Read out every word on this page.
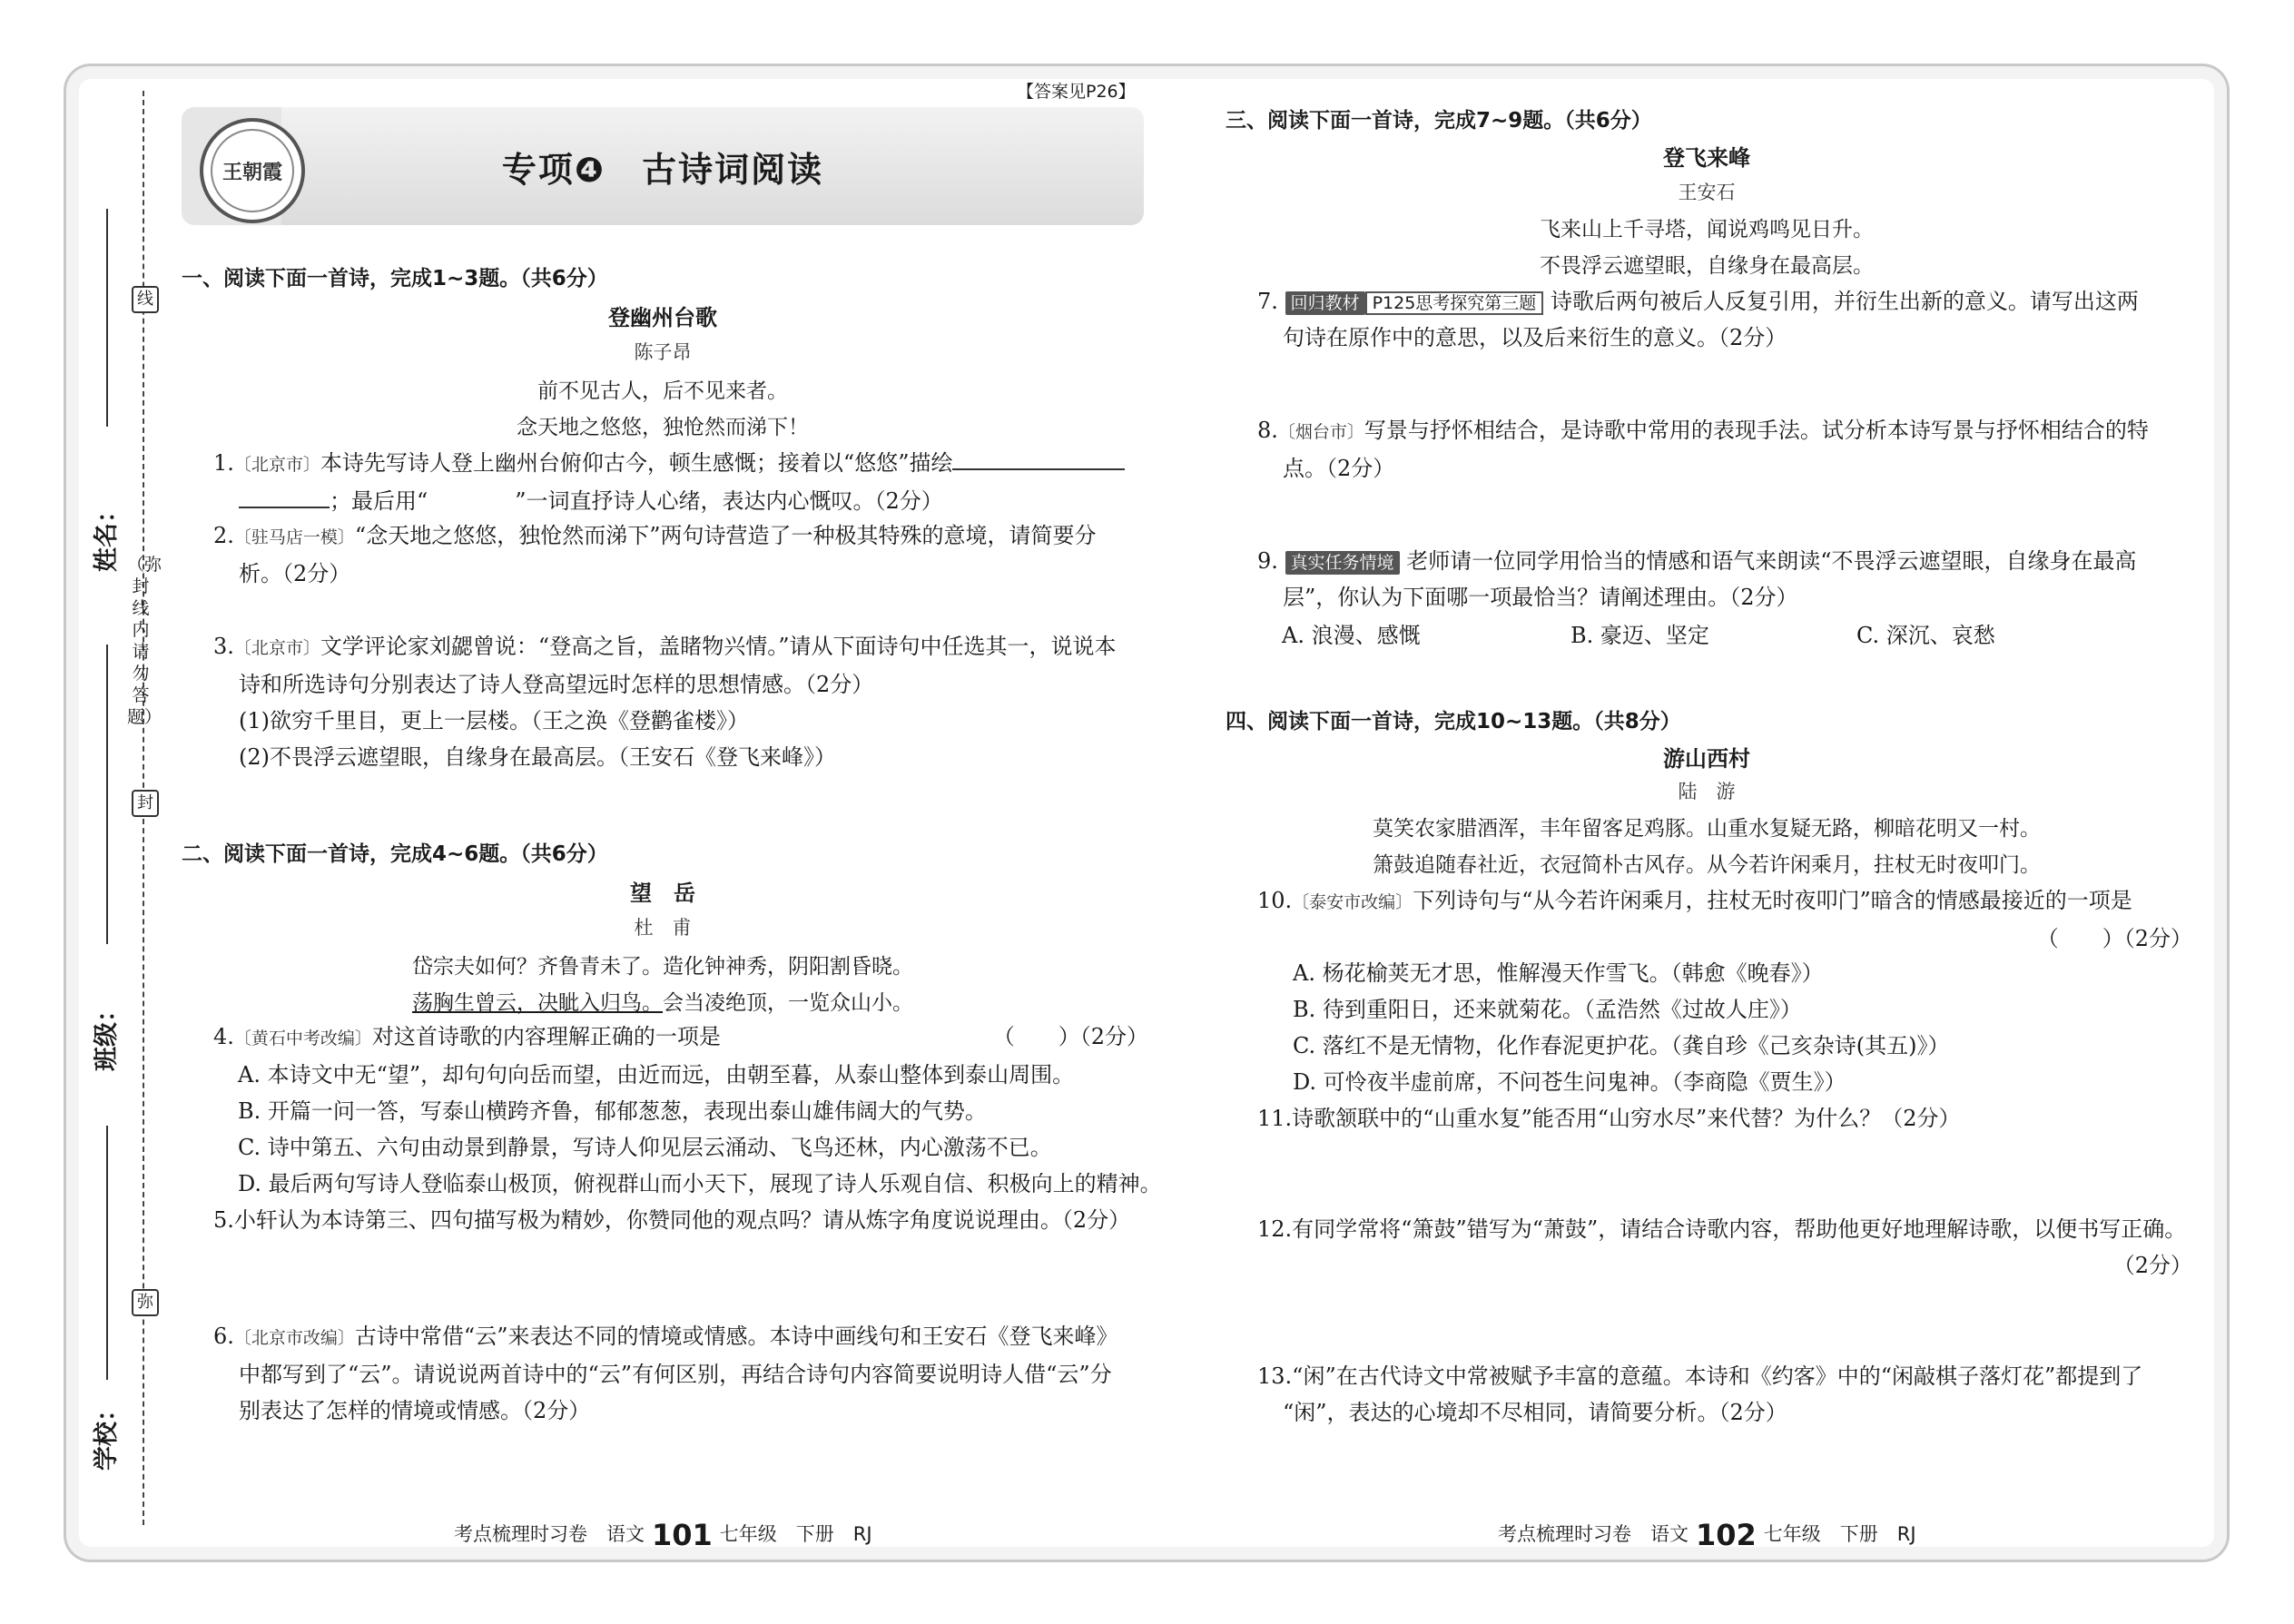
姓名：
班级：
学校：
线
（弥封线内请勿答题）
封
弥
【答案见P26】
王朝霞	专项❹　古诗词阅读
一、阅读下面一首诗，完成1~3题。（共6分）
登幽州台歌
陈子昂
前不见古人，后不见来者。
念天地之悠悠，独怆然而涕下！
1.〔北京市〕本诗先写诗人登上幽州台俯仰古今，顿生感慨；接着以“悠悠”描绘
；最后用“　　　　”一词直抒诗人心绪，表达内心慨叹。（2分）
2.〔驻马店一模〕“念天地之悠悠，独怆然而涕下”两句诗营造了一种极其特殊的意境，请简要分
析。（2分）
3.〔北京市〕文学评论家刘勰曾说：“登高之旨，盖睹物兴情。”请从下面诗句中任选其一，说说本
诗和所选诗句分别表达了诗人登高望远时怎样的思想情感。（2分）
(1)欲穷千里目，更上一层楼。（王之涣《登鹳雀楼》）
(2)不畏浮云遮望眼，自缘身在最高层。（王安石《登飞来峰》）
二、阅读下面一首诗，完成4~6题。（共6分）
望　岳
杜　甫
岱宗夫如何？齐鲁青未了。造化钟神秀，阴阳割昏晓。
荡胸生曾云，决眦入归鸟。会当凌绝顶，一览众山小。
4.〔黄石中考改编〕对这首诗歌的内容理解正确的一项是	（　　）（2分）
A. 本诗文中无“望”，却句句向岳而望，由近而远，由朝至暮，从泰山整体到泰山周围。
B. 开篇一问一答，写泰山横跨齐鲁，郁郁葱葱，表现出泰山雄伟阔大的气势。
C. 诗中第五、六句由动景到静景，写诗人仰见层云涌动、飞鸟还林，内心激荡不已。
D. 最后两句写诗人登临泰山极顶，俯视群山而小天下，展现了诗人乐观自信、积极向上的精神。
5.小轩认为本诗第三、四句描写极为精妙，你赞同他的观点吗？请从炼字角度说说理由。（2分）
6.〔北京市改编〕古诗中常借“云”来表达不同的情境或情感。本诗中画线句和王安石《登飞来峰》
中都写到了“云”。请说说两首诗中的“云”有何区别，再结合诗句内容简要说明诗人借“云”分
别表达了怎样的情境或情感。（2分）
考点梳理时习卷　语文 101 七年级　下册　RJ
三、阅读下面一首诗，完成7~9题。（共6分）
登飞来峰
王安石
飞来山上千寻塔，闻说鸡鸣见日升。
不畏浮云遮望眼，自缘身在最高层。
7. 回归教材 P125思考探究第三题 诗歌后两句被后人反复引用，并衍生出新的意义。请写出这两
句诗在原作中的意思，以及后来衍生的意义。（2分）
8.〔烟台市〕写景与抒怀相结合，是诗歌中常用的表现手法。试分析本诗写景与抒怀相结合的特
点。（2分）
9. 真实任务情境 老师请一位同学用恰当的情感和语气来朗读“不畏浮云遮望眼，自缘身在最高
层”，你认为下面哪一项最恰当？请阐述理由。（2分）
A. 浪漫、感慨	B. 豪迈、坚定	C. 深沉、哀愁
四、阅读下面一首诗，完成10~13题。（共8分）
游山西村
陆　游
莫笑农家腊酒浑，丰年留客足鸡豚。山重水复疑无路，柳暗花明又一村。
箫鼓追随春社近，衣冠简朴古风存。从今若许闲乘月，拄杖无时夜叩门。
10.〔泰安市改编〕下列诗句与“从今若许闲乘月，拄杖无时夜叩门”暗含的情感最接近的一项是

（　　）（2分）
A. 杨花榆荚无才思，惟解漫天作雪飞。（韩愈《晚春》）
B. 待到重阳日，还来就菊花。（孟浩然《过故人庄》）
C. 落红不是无情物，化作春泥更护花。（龚自珍《己亥杂诗(其五)》）
D. 可怜夜半虚前席，不问苍生问鬼神。（李商隐《贾生》）
11.诗歌颔联中的“山重水复”能否用“山穷水尽”来代替？为什么？（2分）
12.有同学常将“箫鼓”错写为“萧鼓”，请结合诗歌内容，帮助他更好地理解诗歌，以便书写正确。

（2分）
13.“闲”在古代诗文中常被赋予丰富的意蕴。本诗和《约客》中的“闲敲棋子落灯花”都提到了
“闲”，表达的心境却不尽相同，请简要分析。（2分）
考点梳理时习卷　语文 102 七年级　下册　RJ
